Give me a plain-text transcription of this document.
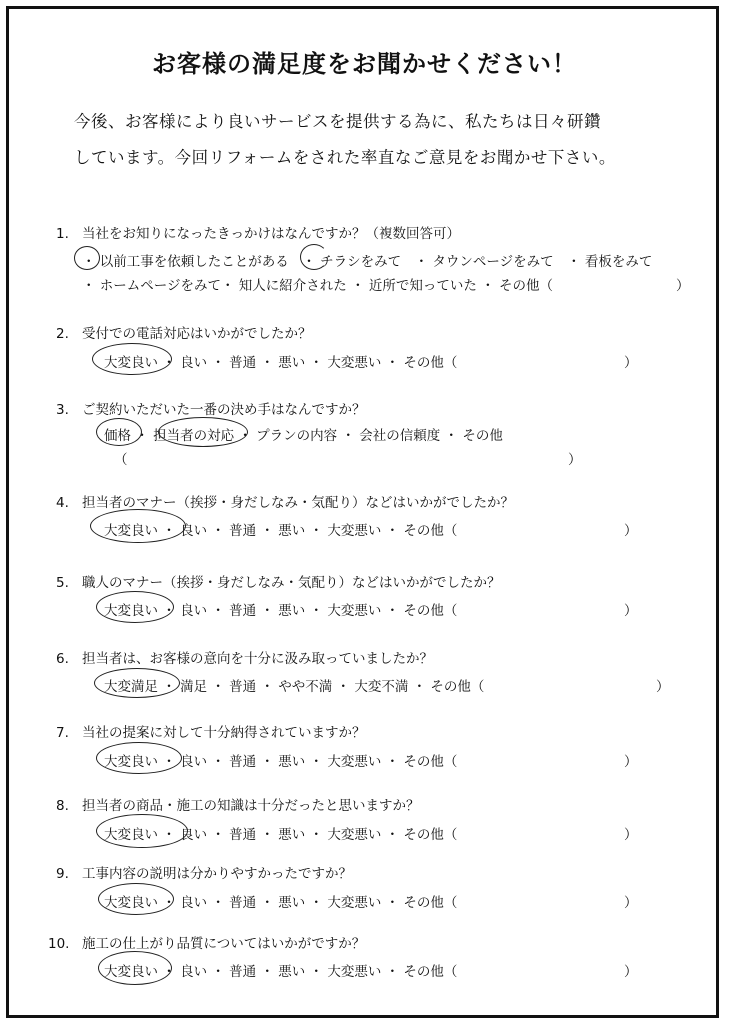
お客様の満足度をお聞かせください！
今後、お客様により良いサービスを提供する為に、私たちは日々研鑽
しています。今回リフォームをされた率直なご意見をお聞かせ下さい。
1. 当社をお知りになったきっかけはなんですか？（複数回答可）
・ 以前工事を依頼したことがある　・ チラシをみて　・ タウンページをみて　・ 看板をみて
・ ホームページをみて・ 知人に紹介された ・ 近所で知っていた ・ その他（	）
2. 受付での電話対応はいかがでしたか？
大変良い ・ 良い ・ 普通 ・ 悪い ・ 大変悪い ・ その他（	）
3. ご契約いただいた一番の決め手はなんですか？
価格 ・ 担当者の対応 ・ プランの内容 ・ 会社の信頼度 ・ その他
（	）
4. 担当者のマナー（挨拶・身だしなみ・気配り）などはいかがでしたか？
大変良い ・ 良い ・ 普通 ・ 悪い ・ 大変悪い ・ その他（	）
5. 職人のマナー（挨拶・身だしなみ・気配り）などはいかがでしたか？
大変良い ・ 良い ・ 普通 ・ 悪い ・ 大変悪い ・ その他（	）
6. 担当者は、お客様の意向を十分に汲み取っていましたか？
大変満足 ・ 満足 ・ 普通 ・ やや不満 ・ 大変不満 ・ その他（	）
7. 当社の提案に対して十分納得されていますか？
大変良い ・ 良い ・ 普通 ・ 悪い ・ 大変悪い ・ その他（	）
8. 担当者の商品・施工の知識は十分だったと思いますか？
大変良い ・ 良い ・ 普通 ・ 悪い ・ 大変悪い ・ その他（	）
9. 工事内容の説明は分かりやすかったですか？
大変良い ・ 良い ・ 普通 ・ 悪い ・ 大変悪い ・ その他（	）
10. 施工の仕上がり品質についてはいかがですか？
大変良い ・ 良い ・ 普通 ・ 悪い ・ 大変悪い ・ その他（	）
